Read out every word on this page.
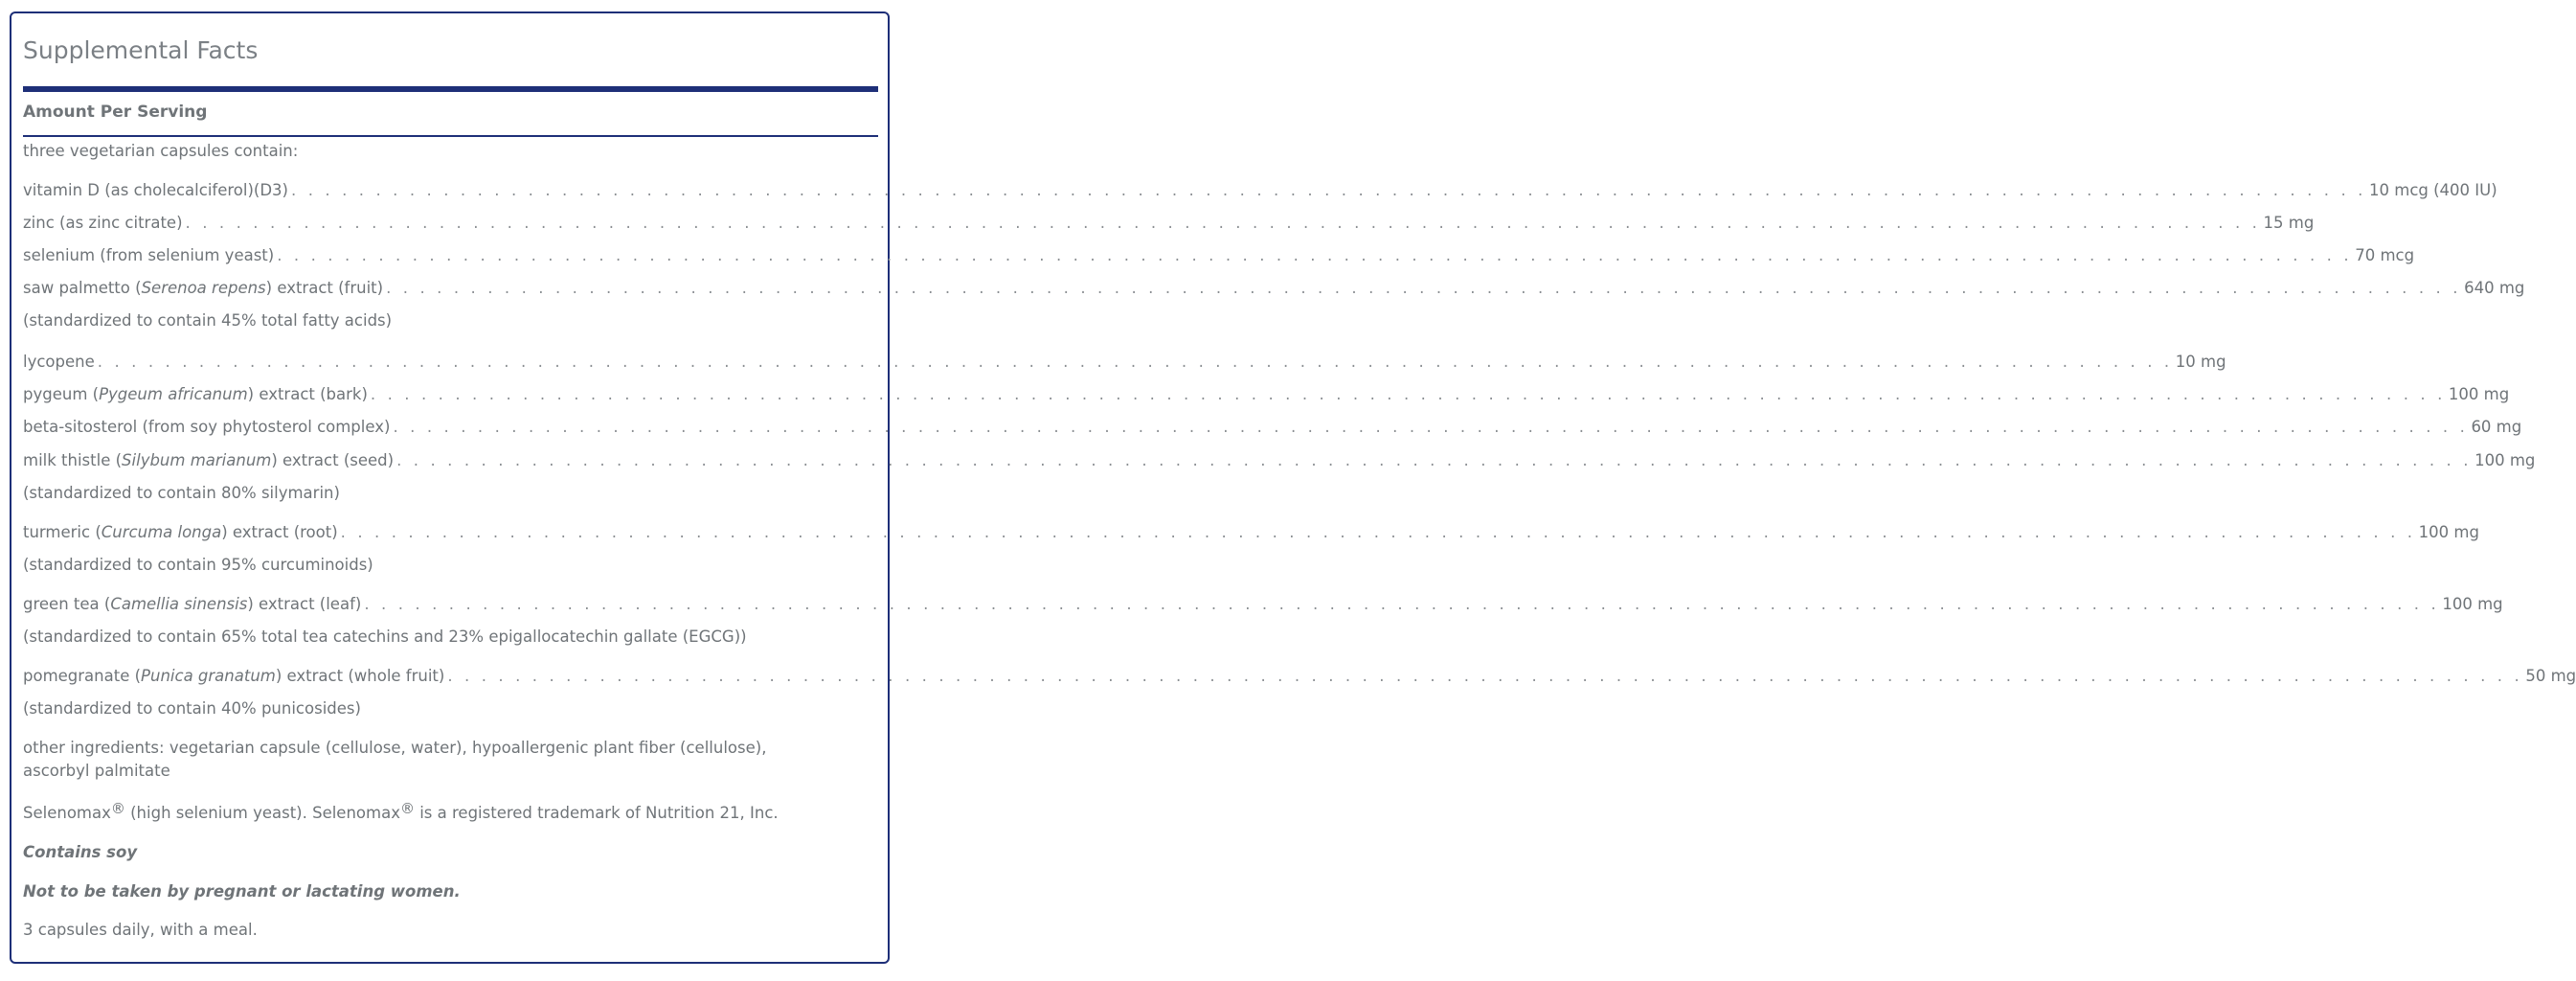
Supplemental Facts
Amount Per Serving
three vegetarian capsules contain:
vitamin D (as cholecalciferol)(D3) . . . . . . . . . . . . . . . . . . . . . . . . . . . . . . . . . . . . . . . . . . . . . . . . . . . . . . . . . . . . . . . . . . . . . . . . . . . . . . . . . . . . . . . . . . . . . . . . . . . . . . . . . . . . . . . . . . . . . . . . . . . 10 mcg (400 IU)
zinc (as zinc citrate) . . . . . . . . . . . . . . . . . . . . . . . . . . . . . . . . . . . . . . . . . . . . . . . . . . . . . . . . . . . . . . . . . . . . . . . . . . . . . . . . . . . . . . . . . . . . . . . . . . . . . . . . . . . . . . . . . . . . . . . . . . . 15 mg
selenium (from selenium yeast) . . . . . . . . . . . . . . . . . . . . . . . . . . . . . . . . . . . . . . . . . . . . . . . . . . . . . . . . . . . . . . . . . . . . . . . . . . . . . . . . . . . . . . . . . . . . . . . . . . . . . . . . . . . . . . . . . . . . . . . . . . . 70 mcg
saw palmetto (Serenoa repens) extract (fruit) . . . . . . . . . . . . . . . . . . . . . . . . . . . . . . . . . . . . . . . . . . . . . . . . . . . . . . . . . . . . . . . . . . . . . . . . . . . . . . . . . . . . . . . . . . . . . . . . . . . . . . . . . . . . . . . . . . . . . . . . . . . 640 mg
(standardized to contain 45% total fatty acids)
lycopene . . . . . . . . . . . . . . . . . . . . . . . . . . . . . . . . . . . . . . . . . . . . . . . . . . . . . . . . . . . . . . . . . . . . . . . . . . . . . . . . . . . . . . . . . . . . . . . . . . . . . . . . . . . . . . . . . . . . . . . . . . . 10 mg
pygeum (Pygeum africanum) extract (bark) . . . . . . . . . . . . . . . . . . . . . . . . . . . . . . . . . . . . . . . . . . . . . . . . . . . . . . . . . . . . . . . . . . . . . . . . . . . . . . . . . . . . . . . . . . . . . . . . . . . . . . . . . . . . . . . . . . . . . . . . . . . 100 mg
beta-sitosterol (from soy phytosterol complex) . . . . . . . . . . . . . . . . . . . . . . . . . . . . . . . . . . . . . . . . . . . . . . . . . . . . . . . . . . . . . . . . . . . . . . . . . . . . . . . . . . . . . . . . . . . . . . . . . . . . . . . . . . . . . . . . . . . . . . . . . . . 60 mg
milk thistle (Silybum marianum) extract (seed) . . . . . . . . . . . . . . . . . . . . . . . . . . . . . . . . . . . . . . . . . . . . . . . . . . . . . . . . . . . . . . . . . . . . . . . . . . . . . . . . . . . . . . . . . . . . . . . . . . . . . . . . . . . . . . . . . . . . . . . . . . . 100 mg
(standardized to contain 80% silymarin)
turmeric (Curcuma longa) extract (root) . . . . . . . . . . . . . . . . . . . . . . . . . . . . . . . . . . . . . . . . . . . . . . . . . . . . . . . . . . . . . . . . . . . . . . . . . . . . . . . . . . . . . . . . . . . . . . . . . . . . . . . . . . . . . . . . . . . . . . . . . . . 100 mg
(standardized to contain 95% curcuminoids)
green tea (Camellia sinensis) extract (leaf) . . . . . . . . . . . . . . . . . . . . . . . . . . . . . . . . . . . . . . . . . . . . . . . . . . . . . . . . . . . . . . . . . . . . . . . . . . . . . . . . . . . . . . . . . . . . . . . . . . . . . . . . . . . . . . . . . . . . . . . . . . . 100 mg
(standardized to contain 65% total tea catechins and 23% epigallocatechin gallate (EGCG))
pomegranate (Punica granatum) extract (whole fruit) . . . . . . . . . . . . . . . . . . . . . . . . . . . . . . . . . . . . . . . . . . . . . . . . . . . . . . . . . . . . . . . . . . . . . . . . . . . . . . . . . . . . . . . . . . . . . . . . . . . . . . . . . . . . . . . . . . . . . . . . . . . 50 mg
(standardized to contain 40% punicosides)
other ingredients: vegetarian capsule (cellulose, water), hypoallergenic plant fiber (cellulose), ascorbyl palmitate
Selenomax® (high selenium yeast). Selenomax® is a registered trademark of Nutrition 21, Inc.
Contains soy
Not to be taken by pregnant or lactating women.
3 capsules daily, with a meal.
